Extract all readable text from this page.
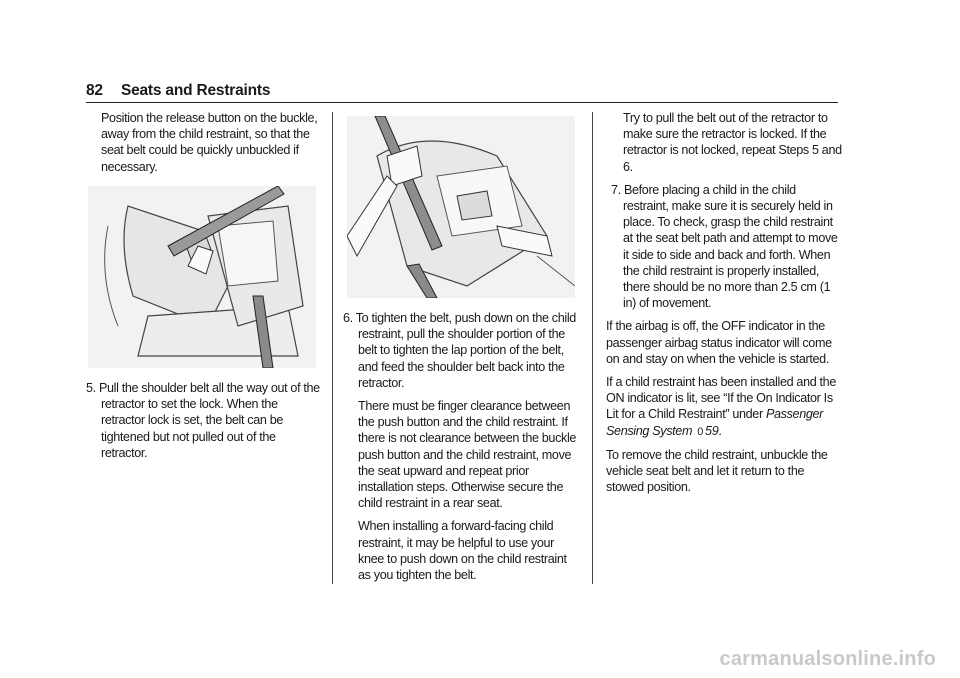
82 Seats and Restraints

Position the release button on the buckle, away from the child restraint, so that the seat belt could be quickly unbuckled if necessary.

5. Pull the shoulder belt all the way out of the retractor to set the lock. When the retractor lock is set, the belt can be tightened but not pulled out of the retractor.

6. To tighten the belt, push down on the child restraint, pull the shoulder portion of the belt to tighten the lap portion of the belt, and feed the shoulder belt back into the retractor.

There must be finger clearance between the push button and the child restraint. If there is not clearance between the buckle push button and the child restraint, move the seat upward and repeat prior installation steps. Otherwise secure the child restraint in a rear seat.

When installing a forward-facing child restraint, it may be helpful to use your knee to push down on the child restraint as you tighten the belt.

Try to pull the belt out of the retractor to make sure the retractor is locked. If the retractor is not locked, repeat Steps 5 and 6.

7. Before placing a child in the child restraint, make sure it is securely held in place. To check, grasp the child restraint at the seat belt path and attempt to move it side to side and back and forth. When the child restraint is properly installed, there should be no more than 2.5 cm (1 in) of movement.

If the airbag is off, the OFF indicator in the passenger airbag status indicator will come on and stay on when the vehicle is started.

If a child restraint has been installed and the ON indicator is lit, see “If the On Indicator Is Lit for a Child Restraint” under Passenger Sensing System 0 59.

To remove the child restraint, unbuckle the vehicle seat belt and let it return to the stowed position.

carmanualsonline.info
